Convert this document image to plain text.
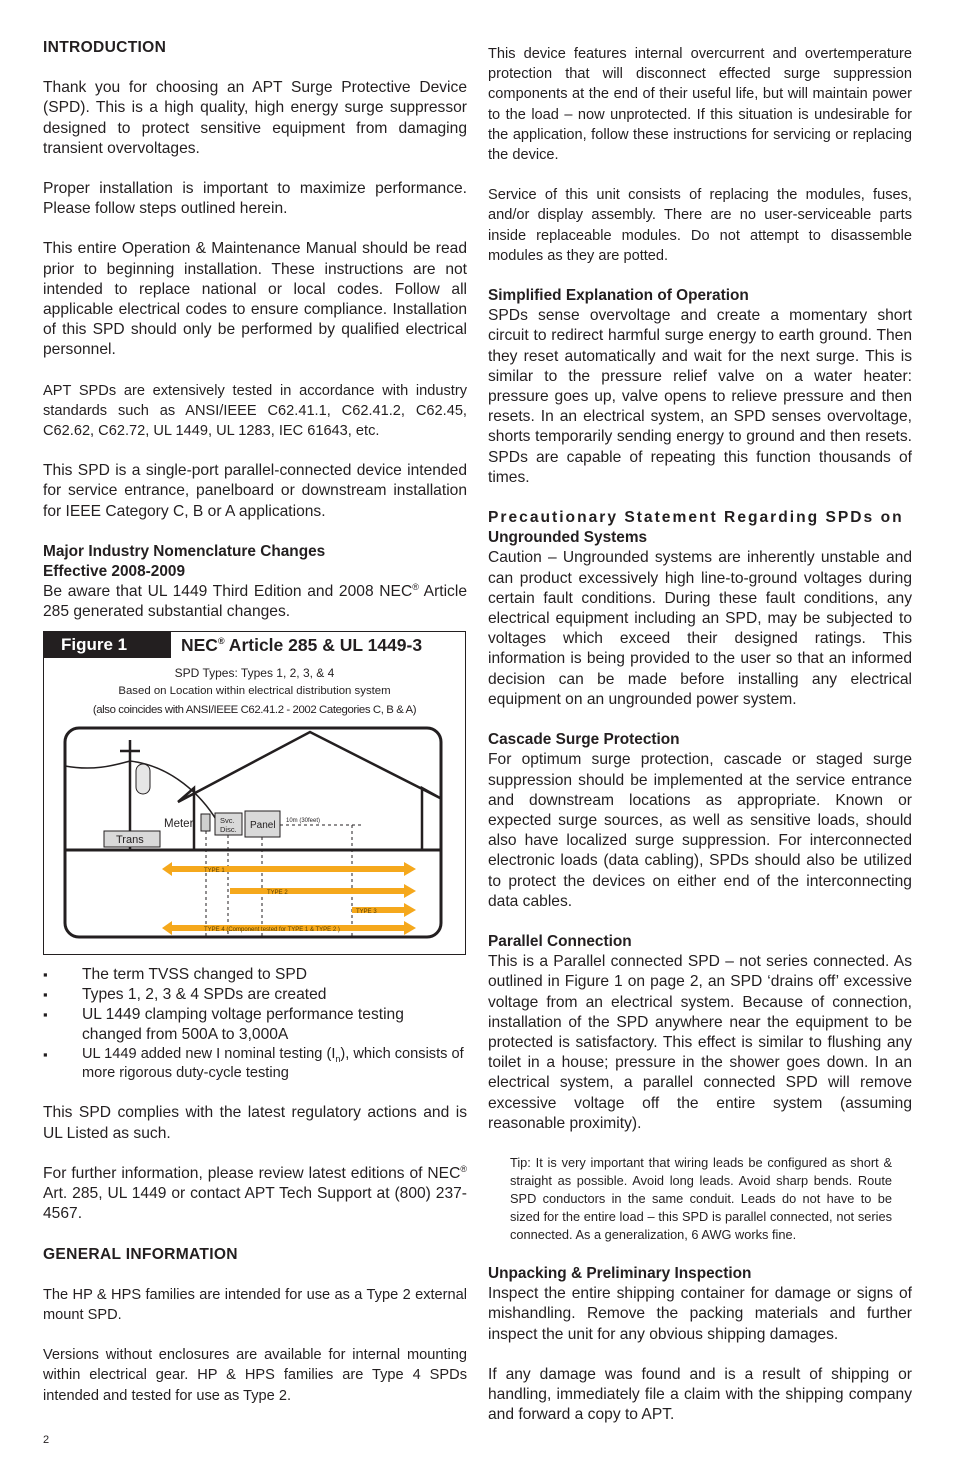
INTRODUCTION

Thank you for choosing an APT Surge Protective Device (SPD). This is a high quality, high energy surge suppressor designed to protect sensitive equipment from damaging transient overvoltages.

Proper installation is important to maximize performance. Please follow steps outlined herein.

This entire Operation & Maintenance Manual should be read prior to beginning installation. These instructions are not intended to replace national or local codes. Follow all applicable electrical codes to ensure compliance. Installation of this SPD should only be performed by qualified electrical personnel.

APT SPDs are extensively tested in accordance with industry standards such as ANSI/IEEE C62.41.1, C62.41.2, C62.45, C62.62, C62.72, UL 1449, UL 1283, IEC 61643, etc.

This SPD is a single-port parallel-connected device intended for service entrance, panelboard or downstream installation for IEEE Category C, B or A applications.

Major Industry Nomenclature Changes

Effective 2008-2009

Be aware that UL 1449 Third Edition and 2008 NEC® Article 285 generated substantial changes.

Figure 1	NEC® Article 285 & UL 1449-3
SPD Types: Types 1, 2, 3, & 4
Based on Location within electrical distribution system
(also coincides with ANSI/IEEE C62.41.2 - 2002 Categories C, B & A)
Meter	Svc.
Disc. Panel 10m (30feet)
Trans
TYPE 1
TYPE 2
TYPE 3
TYPE 4 (Component tested for TYPE 1 & TYPE 2 )
▪ The term TVSS changed to SPD
▪ Types 1, 2, 3 & 4 SPDs are created
▪ UL 1449 clamping voltage performance testing changed from 500A to 3,000A
▪ UL 1449 added new I nominal testing $(I_n)$, which consists of more rigorous duty-cycle testing

This SPD complies with the latest regulatory actions and is UL Listed as such.

For further information, please review latest editions of NEC® Art. 285, UL 1449 or contact APT Tech Support at (800) 237-4567.

GENERAL INFORMATION

The HP & HPS families are intended for use as a Type 2 external mount SPD.

Versions without enclosures are available for internal mounting within electrical gear. HP & HPS families are Type 4 SPDs intended and tested for use as Type 2.

This device features internal overcurrent and overtemperature protection that will disconnect effected surge suppression components at the end of their useful life, but will maintain power to the load – now unprotected. If this situation is undesirable for the application, follow these instructions for servicing or replacing the device.

Service of this unit consists of replacing the modules, fuses, and/or display assembly. There are no user-serviceable parts inside replaceable modules. Do not attempt to disassemble modules as they are potted.

Simplified Explanation of Operation

SPDs sense overvoltage and create a momentary short circuit to redirect harmful surge energy to earth ground. Then they reset automatically and wait for the next surge. This is similar to the pressure relief valve on a water heater: pressure goes up, valve opens to relieve pressure and then resets. In an electrical system, an SPD senses overvoltage, shorts temporarily sending energy to ground and then resets. SPDs are capable of repeating this function thousands of times.

Precautionary Statement Regarding SPDs on

Ungrounded Systems

Caution – Ungrounded systems are inherently unstable and can product excessively high line-to-ground voltages during certain fault conditions. During these fault conditions, any electrical equipment including an SPD, may be subjected to voltages which exceed their designed ratings. This information is being provided to the user so that an informed decision can be made before installing any electrical equipment on an ungrounded power system.

Cascade Surge Protection

For optimum surge protection, cascade or staged surge suppression should be implemented at the service entrance and downstream locations as appropriate. Known or expected surge sources, as well as sensitive loads, should also have localized surge suppression. For interconnected electronic loads (data cabling), SPDs should also be utilized to protect the devices on either end of the interconnecting data cables.

Parallel Connection

This is a Parallel connected SPD – not series connected. As outlined in Figure 1 on page 2, an SPD ‘drains off’ excessive voltage from an electrical system. Because of connection, installation of the SPD anywhere near the equipment to be protected is satisfactory. This effect is similar to flushing any toilet in a house; pressure in the shower goes down. In an electrical system, a parallel connected SPD will remove excessive voltage off the entire system (assuming reasonable proximity).

Tip: It is very important that wiring leads be configured as short & straight as possible. Avoid long leads. Avoid sharp bends. Route SPD conductors in the same conduit. Leads do not have to be sized for the entire load – this SPD is parallel connected, not series connected. As a generalization, 6 AWG works fine.

Unpacking & Preliminary Inspection

Inspect the entire shipping container for damage or signs of mishandling. Remove the packing materials and further inspect the unit for any obvious shipping damages.

If any damage was found and is a result of shipping or handling, immediately file a claim with the shipping company and forward a copy to APT.

2
